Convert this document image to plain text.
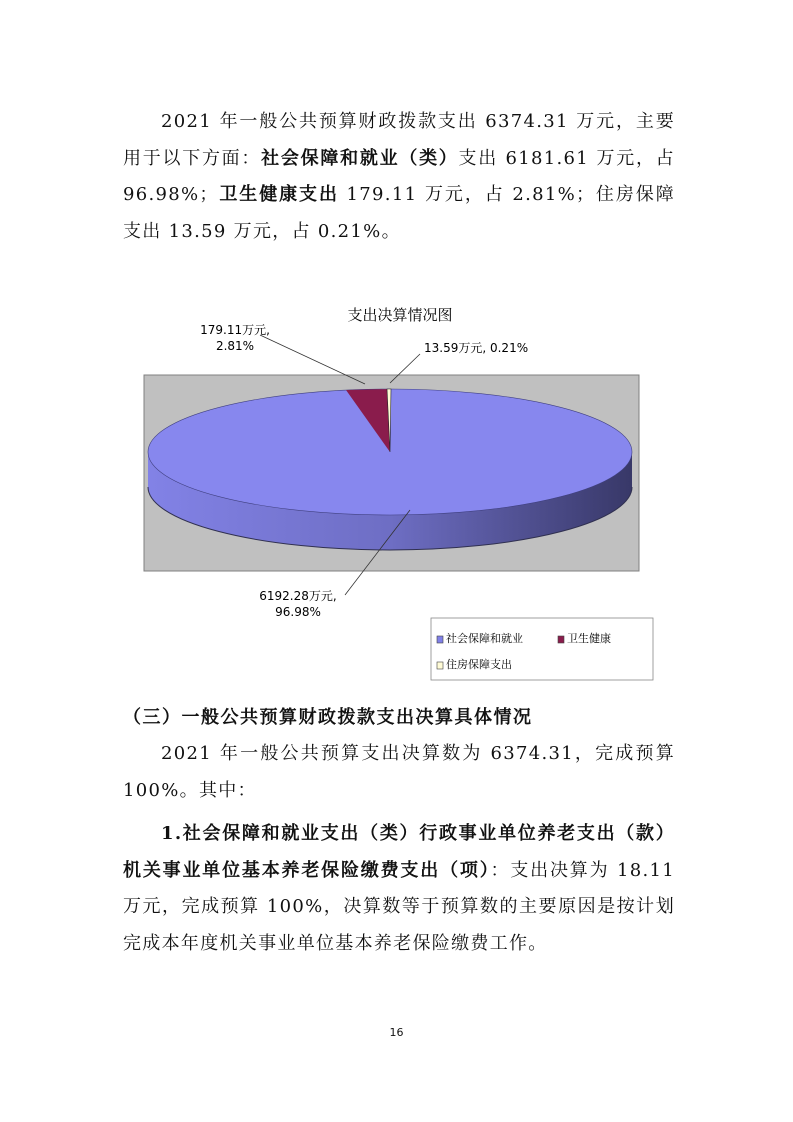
2021 年一般公共预算财政拨款支出 6374.31 万元，主要用于以下方面：社会保障和就业（类）支出 6181.61 万元，占 96.98%；卫生健康支出 179.11 万元，占 2.81%；住房保障支出 13.59 万元，占 0.21%。

支出决算情况图
179.11万元, 2.81%	13.59万元, 0.21%
6192.28万元, 96.98%
社会保障和就业	卫生健康
住房保障支出
（三）一般公共预算财政拨款支出决算具体情况

2021 年一般公共预算支出决算数为 6374.31，完成预算 100%。其中：

1.社会保障和就业支出（类）行政事业单位养老支出（款）机关事业单位基本养老保险缴费支出（项）：支出决算为 18.11 万元，完成预算 100%，决算数等于预算数的主要原因是按计划完成本年度机关事业单位基本养老保险缴费工作。

16
